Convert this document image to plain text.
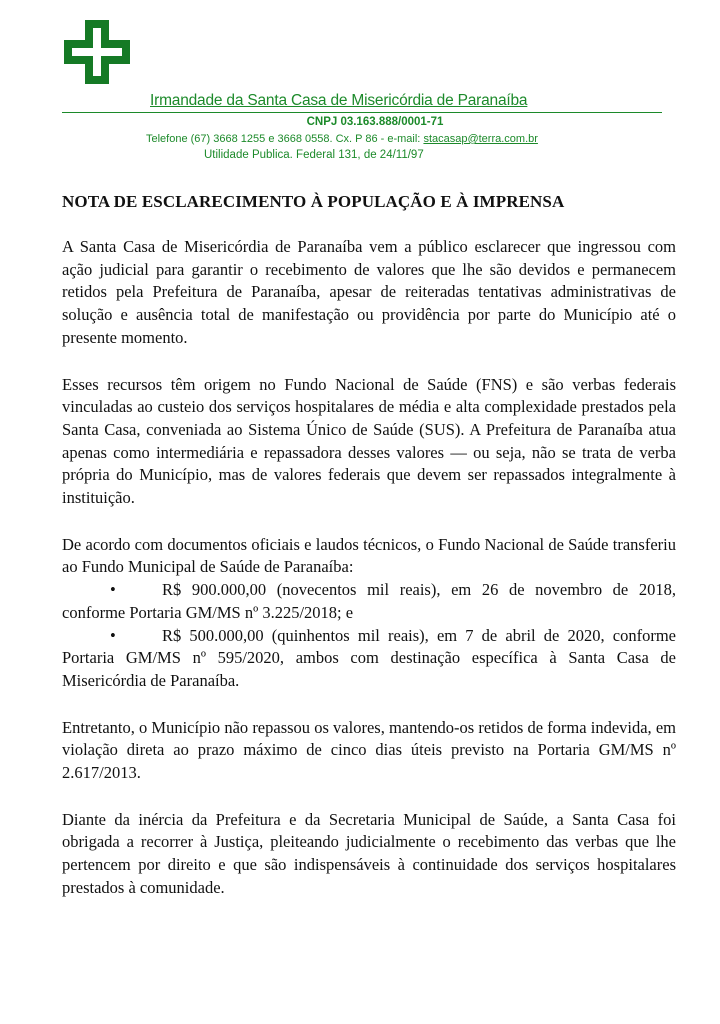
Irmandade da Santa Casa de Misericórdia de Paranaíba
CNPJ 03.163.888/0001-71
Telefone (67) 3668 1255 e 3668 0558. Cx. P 86 - e-mail: stacasap@terra.com.br
Utilidade Publica. Federal 131, de 24/11/97
NOTA DE ESCLARECIMENTO À POPULAÇÃO E À IMPRENSA

A Santa Casa de Misericórdia de Paranaíba vem a público esclarecer que ingressou com ação judicial para garantir o recebimento de valores que lhe são devidos e permanecem retidos pela Prefeitura de Paranaíba, apesar de reiteradas tentativas administrativas de solução e ausência total de manifestação ou providência por parte do Município até o presente momento.

Esses recursos têm origem no Fundo Nacional de Saúde (FNS) e são verbas federais vinculadas ao custeio dos serviços hospitalares de média e alta complexidade prestados pela Santa Casa, conveniada ao Sistema Único de Saúde (SUS). A Prefeitura de Paranaíba atua apenas como intermediária e repassadora desses valores — ou seja, não se trata de verba própria do Município, mas de valores federais que devem ser repassados integralmente à instituição.

De acordo com documentos oficiais e laudos técnicos, o Fundo Nacional de Saúde transferiu ao Fundo Municipal de Saúde de Paranaíba:

•	R$ 900.000,00 (novecentos mil reais), em 26 de novembro de 2018, conforme Portaria GM/MS nº 3.225/2018; e

•	R$ 500.000,00 (quinhentos mil reais), em 7 de abril de 2020, conforme Portaria GM/MS nº 595/2020, ambos com destinação específica à Santa Casa de Misericórdia de Paranaíba.

Entretanto, o Município não repassou os valores, mantendo-os retidos de forma indevida, em violação direta ao prazo máximo de cinco dias úteis previsto na Portaria GM/MS nº 2.617/2013.

Diante da inércia da Prefeitura e da Secretaria Municipal de Saúde, a Santa Casa foi obrigada a recorrer à Justiça, pleiteando judicialmente o recebimento das verbas que lhe pertencem por direito e que são indispensáveis à continuidade dos serviços hospitalares prestados à comunidade.
